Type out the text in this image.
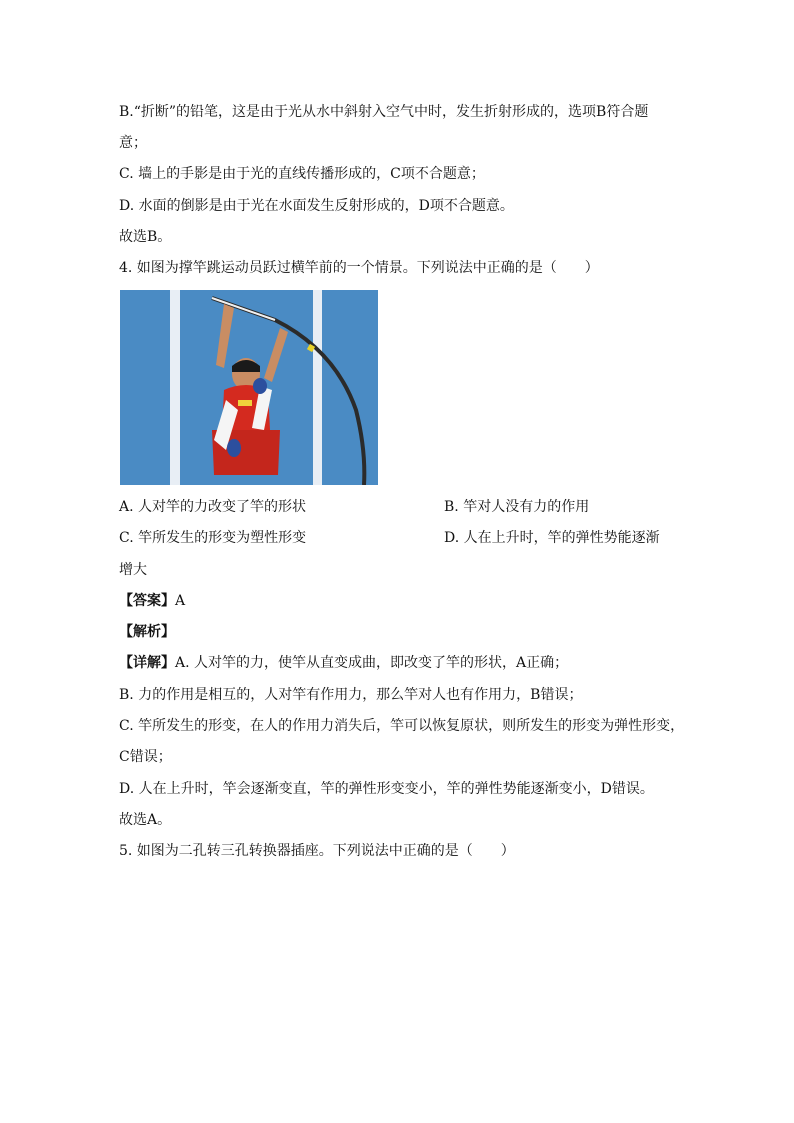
B.“折断”的铅笔，这是由于光从水中斜射入空气中时，发生折射形成的，选项B符合题
意；
C. 墙上的手影是由于光的直线传播形成的，C项不合题意；
D. 水面的倒影是由于光在水面发生反射形成的，D项不合题意。
故选B。
4. 如图为撑竿跳运动员跃过横竿前的一个情景。下列说法中正确的是（　　）
A. 人对竿的力改变了竿的形状	B. 竿对人没有力的作用
C. 竿所发生的形变为塑性形变	D. 人在上升时，竿的弹性势能逐渐
增大
【答案】A
【解析】
【详解】A. 人对竿的力，使竿从直变成曲，即改变了竿的形状，A正确；
B. 力的作用是相互的，人对竿有作用力，那么竿对人也有作用力，B错误；
C. 竿所发生的形变，在人的作用力消失后，竿可以恢复原状，则所发生的形变为弹性形变，
C错误；
D. 人在上升时，竿会逐渐变直，竿的弹性形变变小，竿的弹性势能逐渐变小，D错误。
故选A。
5. 如图为二孔转三孔转换器插座。下列说法中正确的是（　　）
